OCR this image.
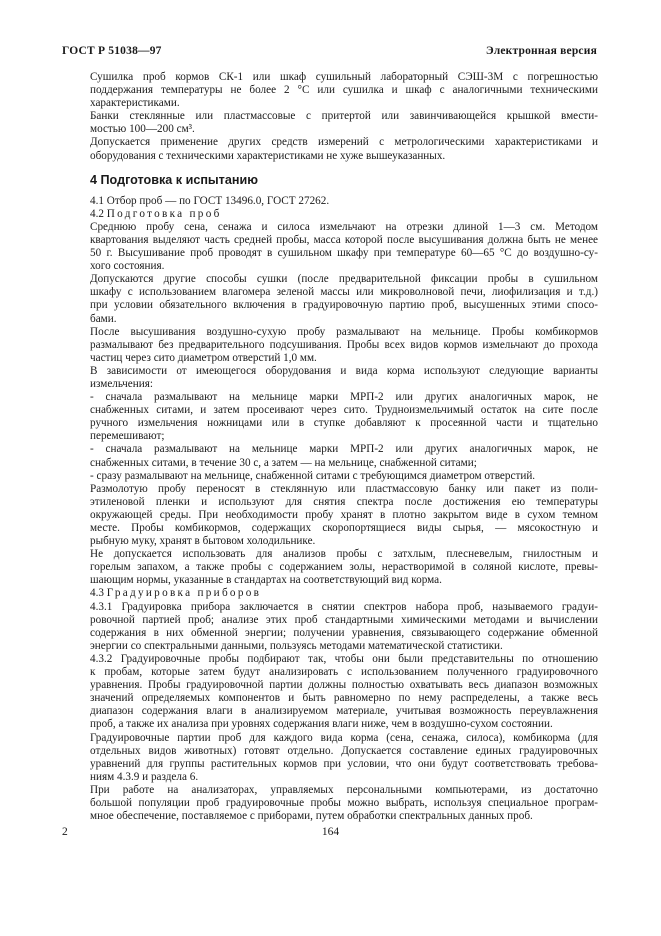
ГОСТ Р 51038—97	Электронная версия
Сушилка проб кормов СК-1 или шкаф сушильный лабораторный СЭШ-3М с погрешностью
поддержания температуры не более 2 °С или сушилка и шкаф с аналогичными техническими
характеристиками.
Банки стеклянные или пластмассовые с притертой или завинчивающейся крышкой вмести-
мостью 100—200 см³.
Допускается применение других средств измерений с метрологическими характеристиками и
оборудования с техническими характеристиками не хуже вышеуказанных.
4 Подготовка к испытанию
4.1 Отбор проб — по ГОСТ 13496.0, ГОСТ 27262.
4.2 Подготовка проб
Среднюю пробу сена, сенажа и силоса измельчают на отрезки длиной 1—3 см. Методом
квартования выделяют часть средней пробы, масса которой после высушивания должна быть не менее
50 г. Высушивание проб проводят в сушильном шкафу при температуре 60—65 °С до воздушно-су-
хого состояния.
Допускаются другие способы сушки (после предварительной фиксации пробы в сушильном
шкафу с использованием влагомера зеленой массы или микроволновой печи, лиофилизация и т.д.)
при условии обязательного включения в градуировочную партию проб, высушенных этими спосо-
бами.
После высушивания воздушно-сухую пробу размалывают на мельнице. Пробы комбикормов
размалывают без предварительного подсушивания. Пробы всех видов кормов измельчают до прохода
частиц через сито диаметром отверстий 1,0 мм.
В зависимости от имеющегося оборудования и вида корма используют следующие варианты
измельчения:
- сначала размалывают на мельнице марки МРП-2 или других аналогичных марок, не
снабженных ситами, и затем просеивают через сито. Трудноизмельчимый остаток на сите после
ручного измельчения ножницами или в ступке добавляют к просеянной части и тщательно
перемешивают;
- сначала размалывают на мельнице марки МРП-2 или других аналогичных марок, не
снабженных ситами, в течение 30 с, а затем — на мельнице, снабженной ситами;
- сразу размалывают на мельнице, снабженной ситами с требующимся диаметром отверстий.
Размолотую пробу переносят в стеклянную или пластмассовую банку или пакет из поли-
этиленовой пленки и используют для снятия спектра после достижения ею температуры
окружающей среды. При необходимости пробу хранят в плотно закрытом виде в сухом темном
месте. Пробы комбикормов, содержащих скоропортящиеся виды сырья, — мясокостную и
рыбную муку, хранят в бытовом холодильнике.
Не допускается использовать для анализов пробы с затхлым, плесневелым, гнилостным и
горелым запахом, а также пробы с содержанием золы, нерастворимой в соляной кислоте, превы-
шающим нормы, указанные в стандартах на соответствующий вид корма.
4.3 Градуировка приборов
4.3.1 Градуировка прибора заключается в снятии спектров набора проб, называемого градуи-
ровочной партией проб; анализе этих проб стандартными химическими методами и вычислении
содержания в них обменной энергии; получении уравнения, связывающего содержание обменной
энергии со спектральными данными, пользуясь методами математической статистики.
4.3.2 Градуировочные пробы подбирают так, чтобы они были представительны по отношению
к пробам, которые затем будут анализировать с использованием полученного градуировочного
уравнения. Пробы градуировочной партии должны полностью охватывать весь диапазон возможных
значений определяемых компонентов и быть равномерно по нему распределены, а также весь
диапазон содержания влаги в анализируемом материале, учитывая возможность переувлажнения
проб, а также их анализа при уровнях содержания влаги ниже, чем в воздушно-сухом состоянии.
Градуировочные партии проб для каждого вида корма (сена, сенажа, силоса), комбикорма (для
отдельных видов животных) готовят отдельно. Допускается составление единых градуировочных
уравнений для группы растительных кормов при условии, что они будут соответствовать требова-
ниям 4.3.9 и раздела 6.
При работе на анализаторах, управляемых персональными компьютерами, из достаточно
большой популяции проб градуировочные пробы можно выбрать, используя специальное програм-
мное обеспечение, поставляемое с приборами, путем обработки спектральных данных проб.
2	164
